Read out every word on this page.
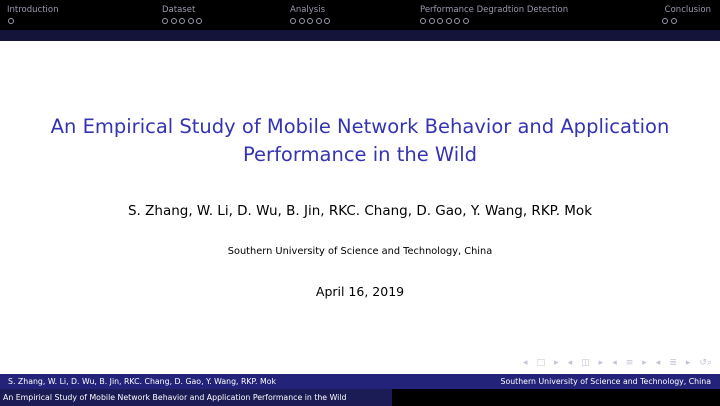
Introduction	Dataset	Analysis	Performance Degradtion Detection	Conclusion
An Empirical Study of Mobile Network Behavior and Application
Performance in the Wild
S. Zhang, W. Li, D. Wu, B. Jin, RKC. Chang, D. Gao, Y. Wang, RKP. Mok
Southern University of Science and Technology, China
April 16, 2019
◂ □ ▸ ◂ ◫ ▸ ◂ ≡ ▸ ◂ ≣ ▸ ↺⌕
S. Zhang, W. Li, D. Wu, B. Jin, RKC. Chang, D. Gao, Y. Wang, RKP. Mok	Southern University of Science and Technology, China
An Empirical Study of Mobile Network Behavior and Application Performance in the Wild
